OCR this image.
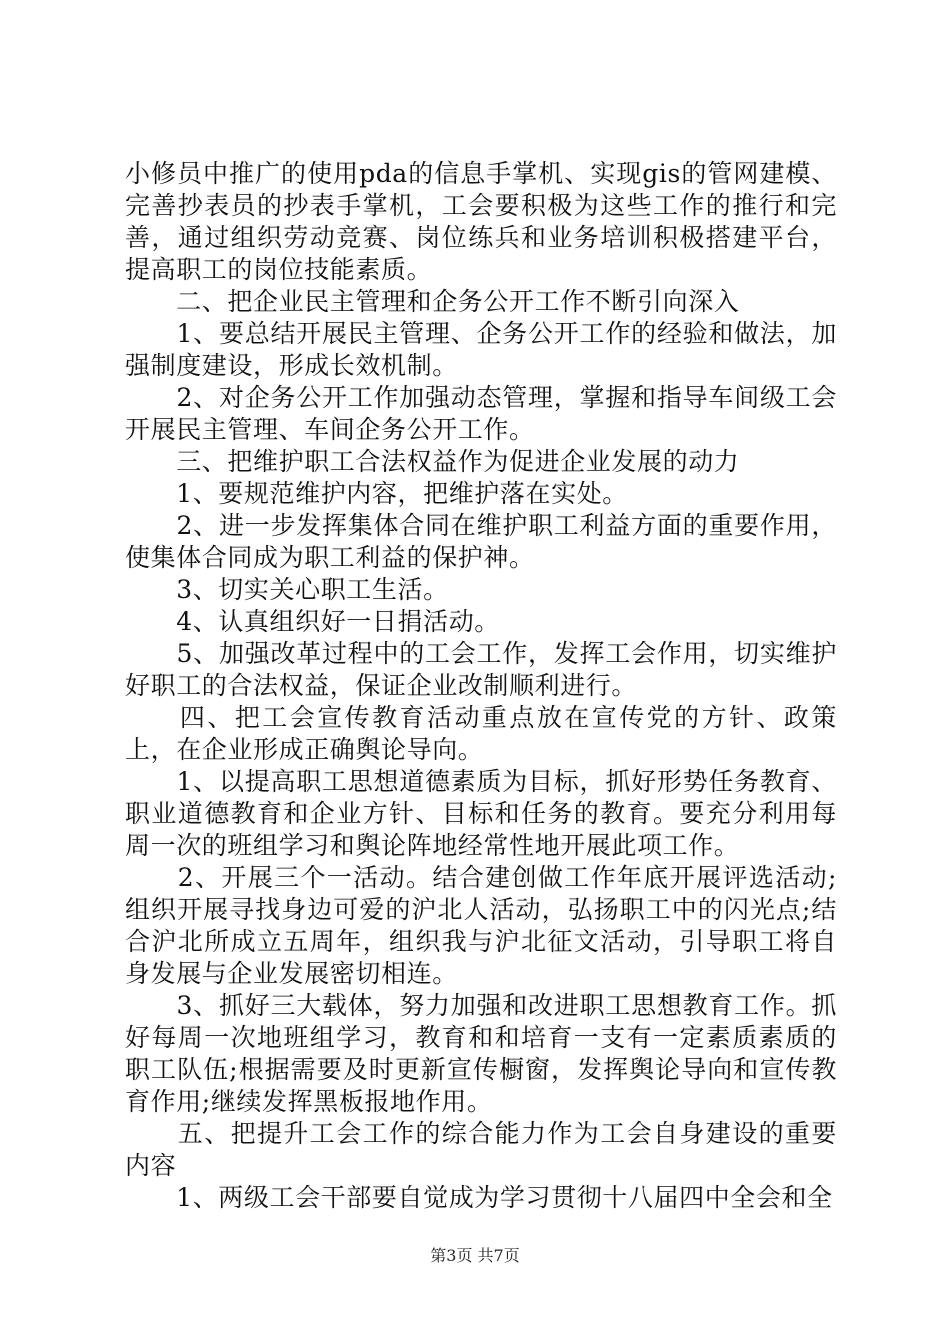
小修员中推广的使用pda的信息手掌机、实现gis的管网建模、完善抄表员的抄表手掌机，工会要积极为这些工作的推行和完善，通过组织劳动竞赛、岗位练兵和业务培训积极搭建平台，提高职工的岗位技能素质。

　　二、把企业民主管理和企务公开工作不断引向深入

　　1、要总结开展民主管理、企务公开工作的经验和做法，加强制度建设，形成长效机制。

　　2、对企务公开工作加强动态管理，掌握和指导车间级工会开展民主管理、车间企务公开工作。

　　三、把维护职工合法权益作为促进企业发展的动力

　　1、要规范维护内容，把维护落在实处。

　　2、进一步发挥集体合同在维护职工利益方面的重要作用，使集体合同成为职工利益的保护神。

　　3、切实关心职工生活。

　　4、认真组织好一日捐活动。

　　5、加强改革过程中的工会工作，发挥工会作用，切实维护好职工的合法权益，保证企业改制顺利进行。

　　四、把工会宣传教育活动重点放在宣传党的方针、政策上，在企业形成正确舆论导向。

　　1、以提高职工思想道德素质为目标，抓好形势任务教育、职业道德教育和企业方针、目标和任务的教育。要充分利用每周一次的班组学习和舆论阵地经常性地开展此项工作。

　　2、开展三个一活动。结合建创做工作年底开展评选活动;组织开展寻找身边可爱的沪北人活动，弘扬职工中的闪光点;结合沪北所成立五周年，组织我与沪北征文活动，引导职工将自身发展与企业发展密切相连。

　　3、抓好三大载体，努力加强和改进职工思想教育工作。抓好每周一次地班组学习，教育和和培育一支有一定素质素质的职工队伍;根据需要及时更新宣传橱窗，发挥舆论导向和宣传教育作用;继续发挥黑板报地作用。

　　五、把提升工会工作的综合能力作为工会自身建设的重要内容

　　1、两级工会干部要自觉成为学习贯彻十八届四中全会和全

第3页 共7页
